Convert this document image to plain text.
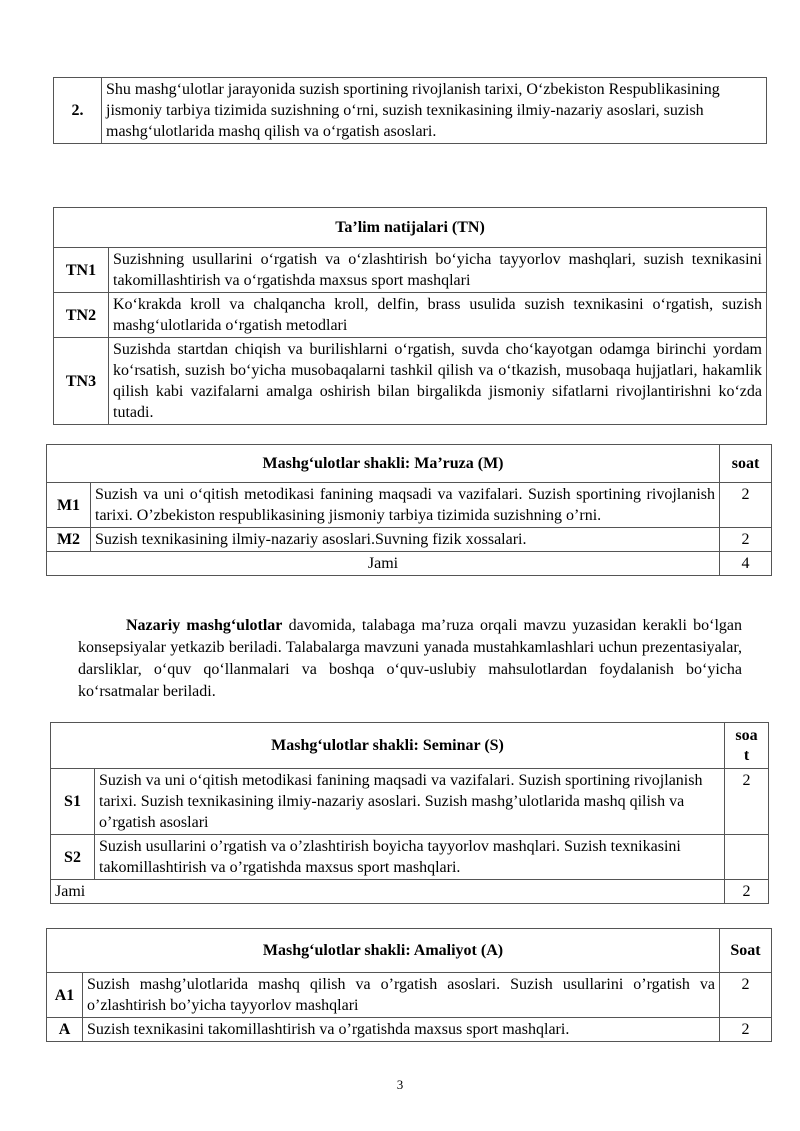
2.	Shu mashg‘ulotlar jarayonida suzish sportining rivojlanish tarixi, O‘zbekiston Respublikasining jismoniy tarbiya tizimida suzishning o‘rni, suzish texnikasining ilmiy-nazariy asoslari, suzish mashg‘ulotlarida mashq qilish va o‘rgatish asoslari.
Ta’lim natijalari (TN)	
TN1	Suzishning usullarini o‘rgatish va o‘zlashtirish bo‘yicha tayyorlov mashqlari, suzish texnikasini takomillashtirish va o‘rgatishda maxsus sport mashqlari
TN2	Ko‘krakda kroll va chalqancha kroll, delfin, brass usulida suzish texnikasini o‘rgatish, suzish mashg‘ulotlarida o‘rgatish metodlari
TN3	Suzishda startdan chiqish va burilishlarni o‘rgatish, suvda cho‘kayotgan odamga birinchi yordam ko‘rsatish, suzish bo‘yicha musobaqalarni tashkil qilish va o‘tkazish, musobaqa hujjatlari, hakamlik qilish kabi vazifalarni amalga oshirish bilan birgalikda jismoniy sifatlarni rivojlantirishni ko‘zda tutadi.
Mashg‘ulotlar shakli: Ma’ruza (M)		soat
M1	Suzish va uni o‘qitish metodikasi fanining maqsadi va vazifalari. Suzish sportining rivojlanish tarixi. O’zbekiston respublikasining jismoniy tarbiya tizimida suzishning o’rni.	2
M2	Suzish texnikasining ilmiy-nazariy asoslari.Suvning fizik xossalari.	2
Jami		4
Nazariy mashg‘ulotlar davomida, talabaga ma’ruza orqali mavzu yuzasidan kerakli bo‘lgan konsepsiyalar yetkazib beriladi. Talabalarga mavzuni yanada mustahkamlashlari uchun prezentasiyalar, darsliklar, o‘quv qo‘llanmalari va boshqa o‘quv-uslubiy mahsulotlardan foydalanish bo‘yicha ko‘rsatmalar beriladi.
Mashg‘ulotlar shakli: Seminar (S)		soat
S1	Suzish va uni o‘qitish metodikasi fanining maqsadi va vazifalari. Suzish sportining rivojlanish tarixi. Suzish texnikasining ilmiy-nazariy asoslari. Suzish mashg’ulotlarida mashq qilish va o’rgatish asoslari	2
S2	Suzish usullarini o’rgatish va o’zlashtirish boyicha tayyorlov mashqlari. Suzish texnikasini takomillashtirish va o’rgatishda maxsus sport mashqlari.	
Jami		2
Mashg‘ulotlar shakli: Amaliyot (A)		Soat
A1	Suzish mashg’ulotlarida mashq qilish va o’rgatish asoslari. Suzish usullarini o’rgatish va o’zlashtirish bo’yicha tayyorlov mashqlari	2
A	Suzish texnikasini takomillashtirish va o’rgatishda maxsus sport mashqlari.	2
3
